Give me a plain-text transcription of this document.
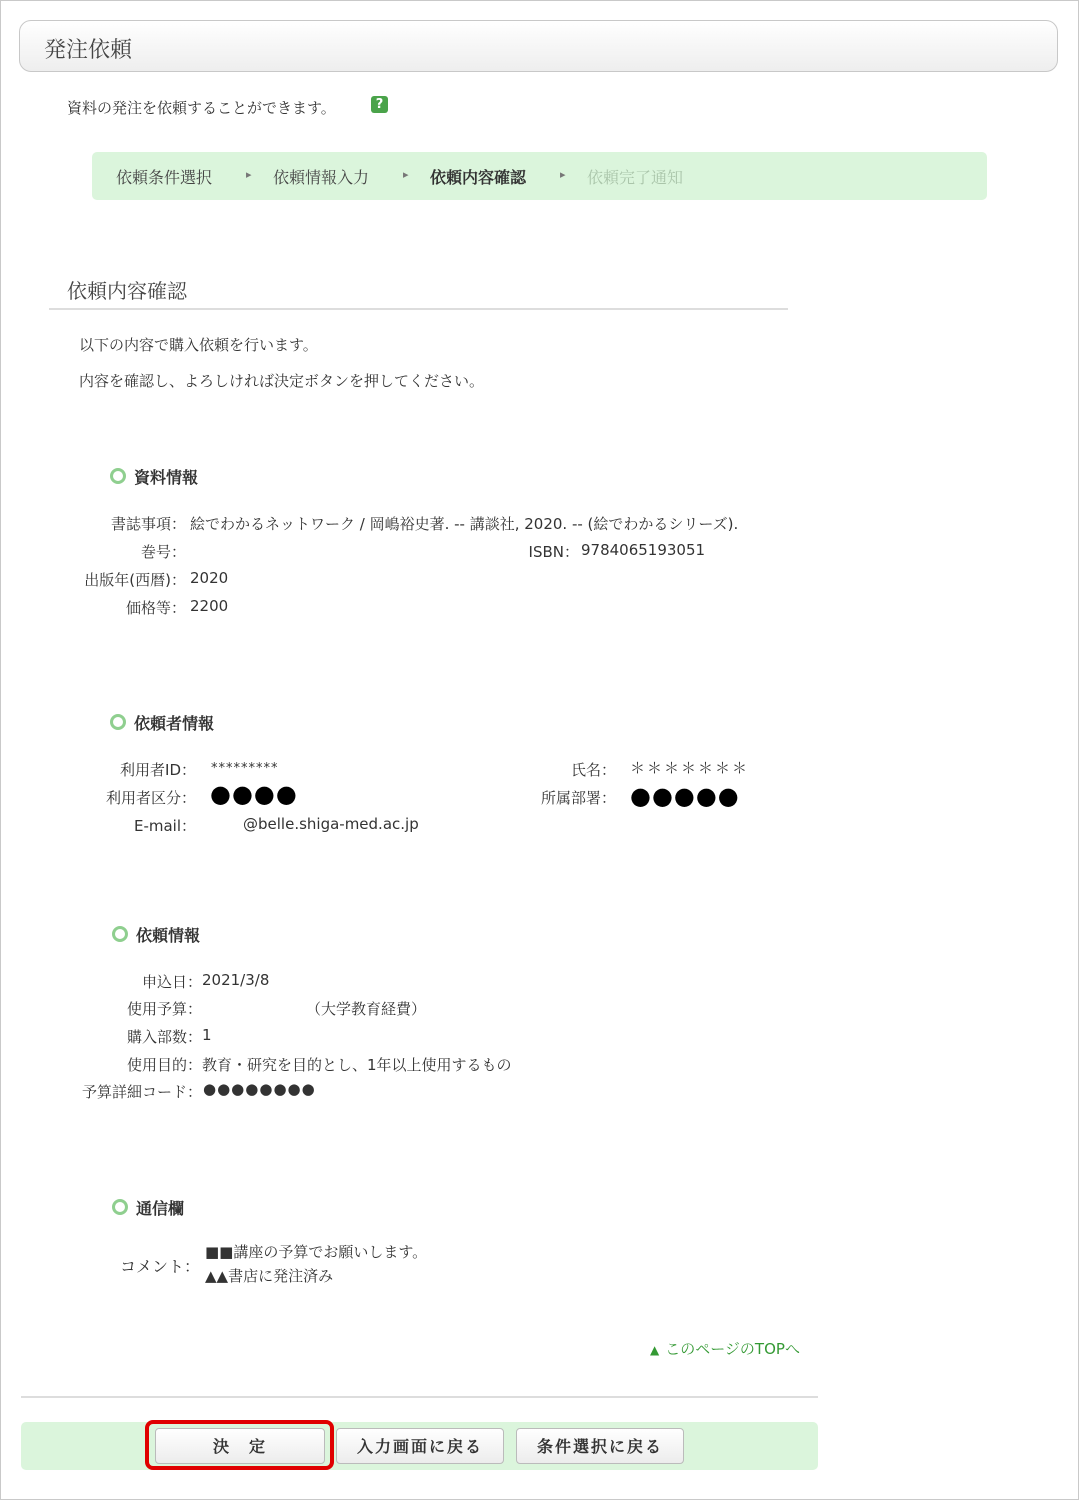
発注依頼
資料の発注を依頼することができます。	?
依頼条件選択	▸ 依頼情報入力	▸ 依頼内容確認	▸ 依頼完了通知
依頼内容確認
以下の内容で購入依頼を行います。
内容を確認し、よろしければ決定ボタンを押してください。
資料情報
書誌事項： 絵でわかるネットワーク / 岡嶋裕史著. -- 講談社, 2020. -- (絵でわかるシリーズ).
巻号：	ISBN： 9784065193051
出版年(西暦)： 2020
価格等： 2200
依頼者情報
利用者ID： *********	氏名： ＊＊＊＊＊＊＊
利用者区分： ●●●●	所属部署： ●●●●●
E-mail：	@belle.shiga-med.ac.jp
依頼情報
申込日： 2021/3/8
使用予算：	（大学教育経費）
購入部数： 1
使用目的： 教育・研究を目的とし、1年以上使用するもの
予算詳細コード： ●●●●●●●●
通信欄
コメント：
■■講座の予算でお願いします。
▲▲書店に発注済み
▲ このページのTOPへ
決　定	入力画面に戻る	条件選択に戻る
